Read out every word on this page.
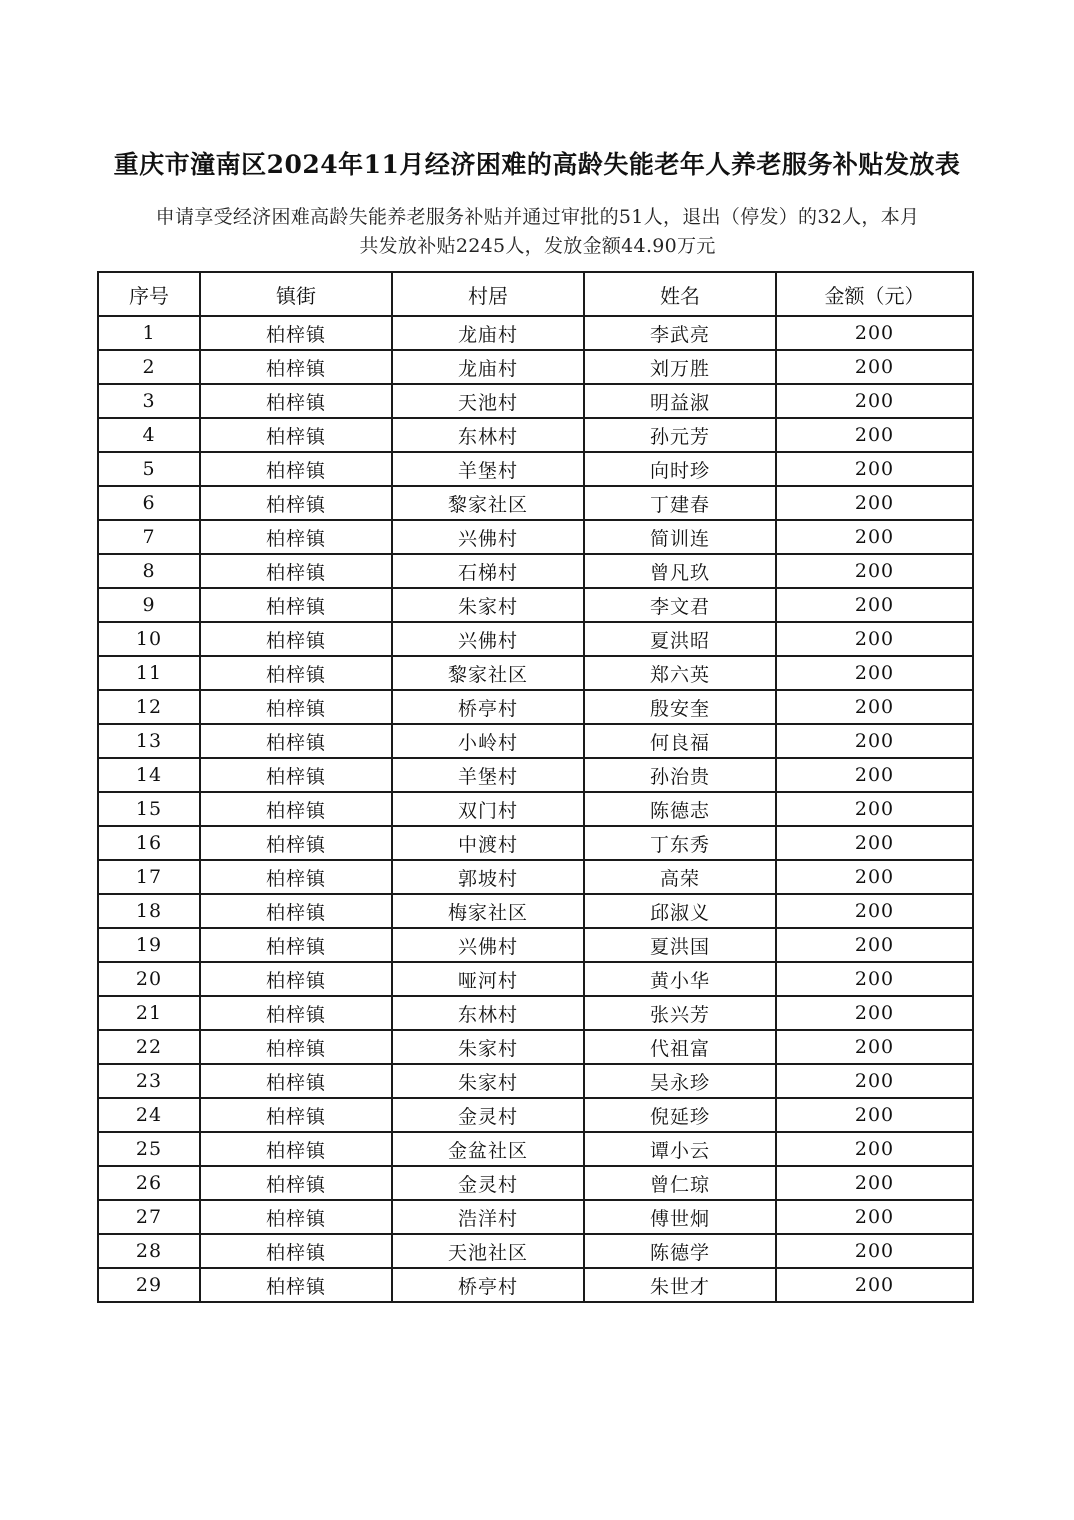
重庆市潼南区2024年11月经济困难的高龄失能老年人养老服务补贴发放表
申请享受经济困难高龄失能养老服务补贴并通过审批的51人，退出（停发）的32人，本月
共发放补贴2245人，发放金额44.90万元
序号	镇街	村居	姓名	金额（元）
1	柏梓镇	龙庙村	李武亮	200
2	柏梓镇	龙庙村	刘万胜	200
3	柏梓镇	天池村	明益淑	200
4	柏梓镇	东林村	孙元芳	200
5	柏梓镇	羊堡村	向时珍	200
6	柏梓镇	黎家社区	丁建春	200
7	柏梓镇	兴佛村	简训连	200
8	柏梓镇	石梯村	曾凡玖	200
9	柏梓镇	朱家村	李文君	200
10	柏梓镇	兴佛村	夏洪昭	200
11	柏梓镇	黎家社区	郑六英	200
12	柏梓镇	桥亭村	殷安奎	200
13	柏梓镇	小岭村	何良福	200
14	柏梓镇	羊堡村	孙治贵	200
15	柏梓镇	双门村	陈德志	200
16	柏梓镇	中渡村	丁东秀	200
17	柏梓镇	郭坡村	高荣	200
18	柏梓镇	梅家社区	邱淑义	200
19	柏梓镇	兴佛村	夏洪国	200
20	柏梓镇	哑河村	黄小华	200
21	柏梓镇	东林村	张兴芳	200
22	柏梓镇	朱家村	代祖富	200
23	柏梓镇	朱家村	吴永珍	200
24	柏梓镇	金灵村	倪延珍	200
25	柏梓镇	金盆社区	谭小云	200
26	柏梓镇	金灵村	曾仁琼	200
27	柏梓镇	浩洋村	傅世炯	200
28	柏梓镇	天池社区	陈德学	200
29	柏梓镇	桥亭村	朱世才	200
